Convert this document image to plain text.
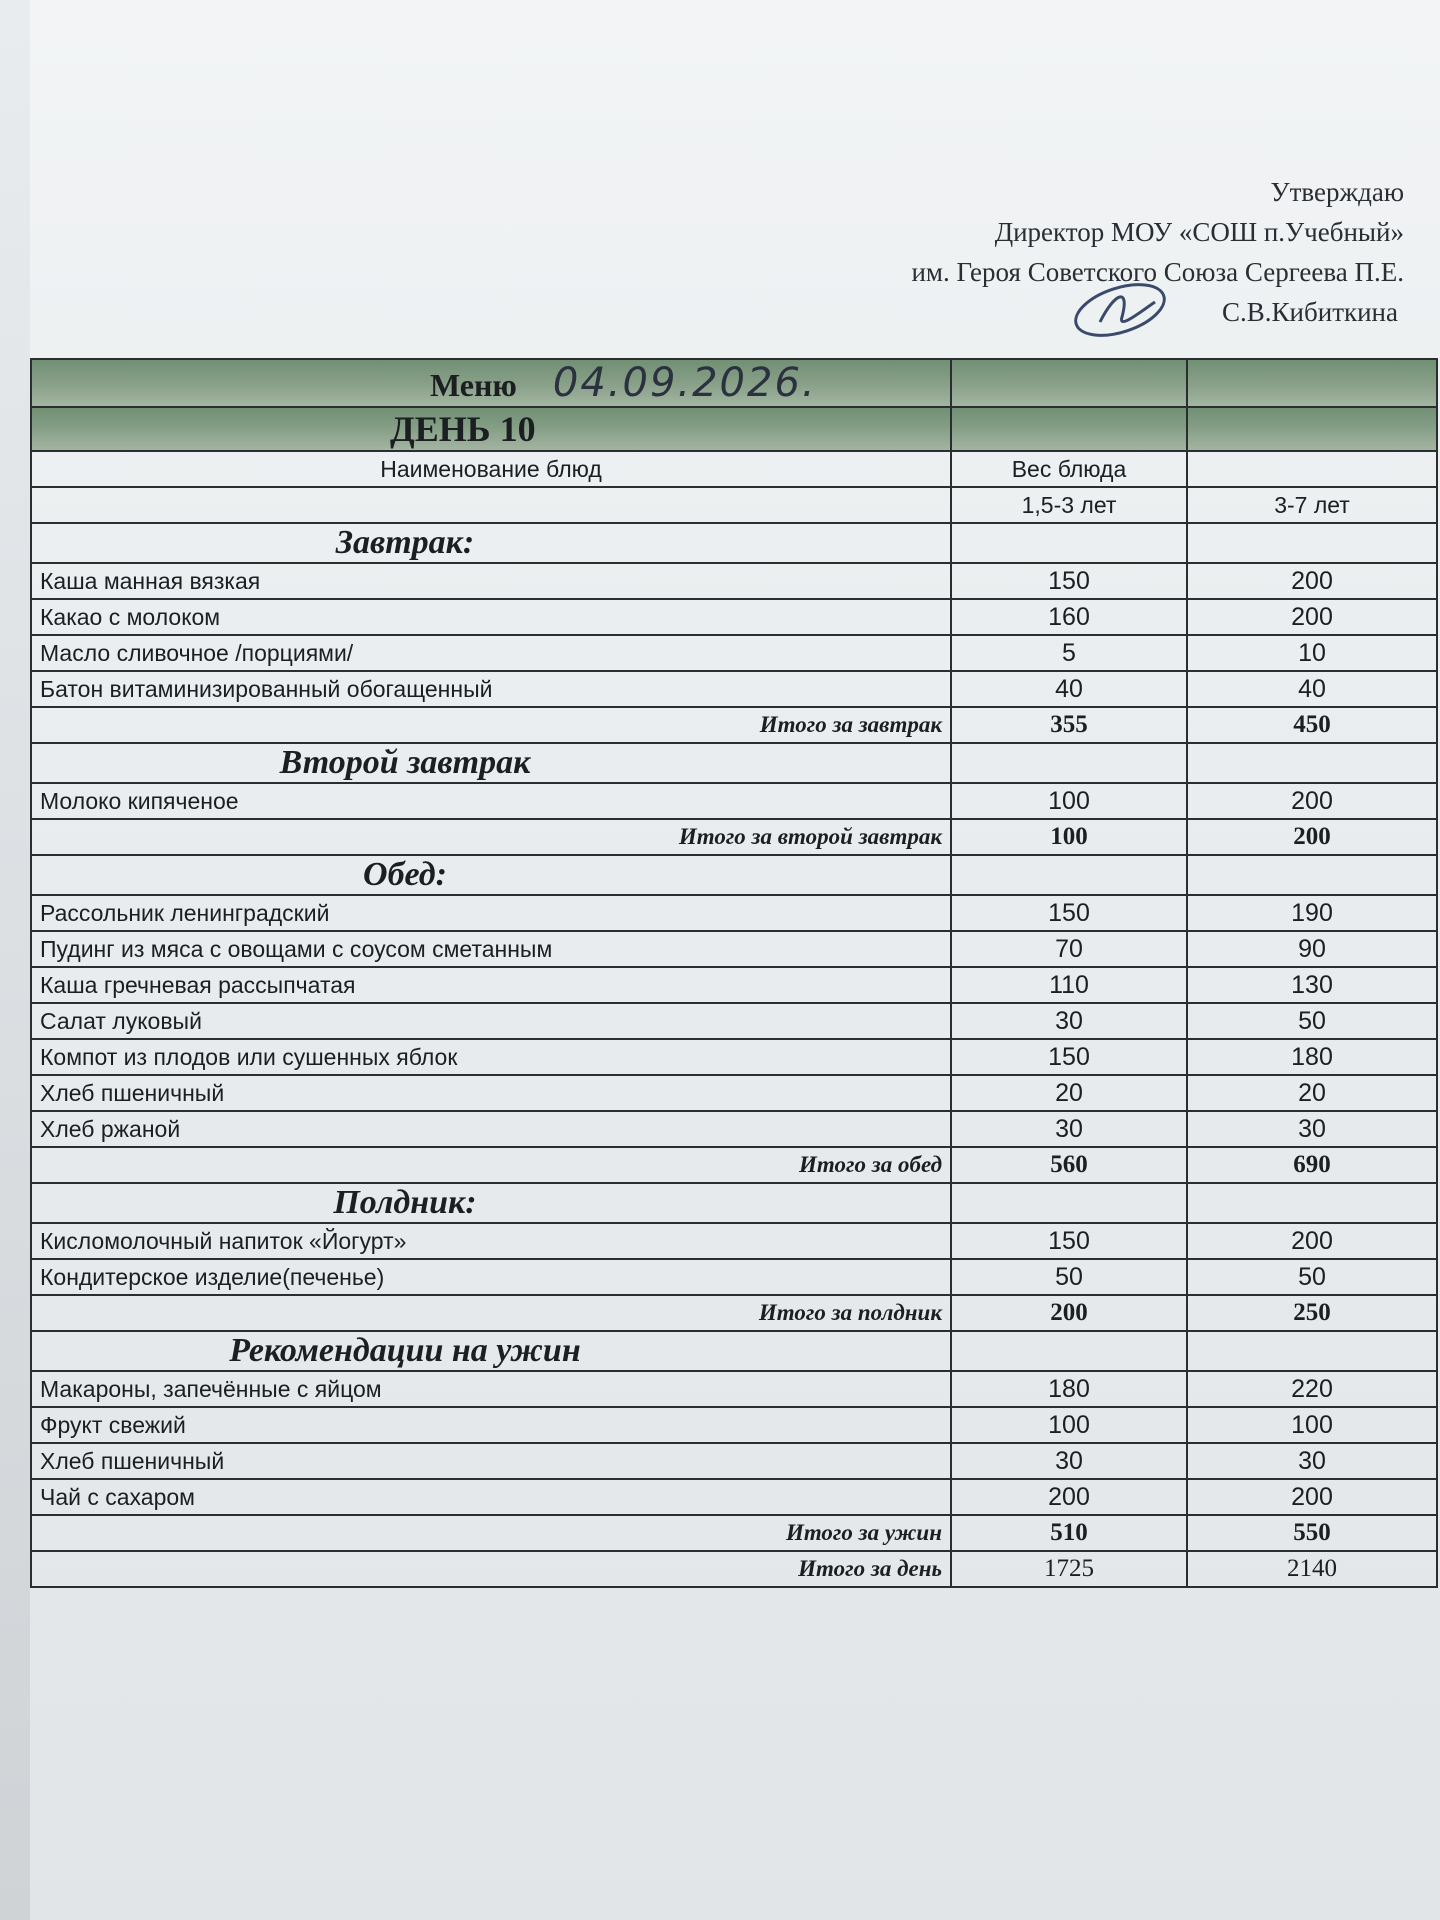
Утверждаю
Директор МОУ «СОШ п.Учебный»
им. Героя Советского Союза Сергеева П.Е.
С.В.Кибиткина
Меню 04.09.2026.		
ДЕНЬ 10		
Наименование блюд	Вес блюда	
	1,5-3 лет	3-7 лет
Завтрак:		
Каша манная вязкая	150	200
Какао с молоком	160	200
Масло сливочное /порциями/	5	10
Батон витаминизированный обогащенный	40	40
Итого за завтрак	355	450
Второй завтрак		
Молоко кипяченое	100	200
Итого за второй завтрак	100	200
Обед:		
Рассольник ленинградский	150	190
Пудинг из мяса с овощами с соусом сметанным	70	90
Каша гречневая рассыпчатая	110	130
Салат луковый	30	50
Компот из плодов или сушенных яблок	150	180
Хлеб пшеничный	20	20
Хлеб ржаной	30	30
Итого за обед	560	690
Полдник:		
Кисломолочный напиток «Йогурт»	150	200
Кондитерское изделие(печенье)	50	50
Итого за полдник	200	250
Рекомендации на ужин		
Макароны, запечённые с яйцом	180	220
Фрукт свежий	100	100
Хлеб пшеничный	30	30
Чай с сахаром	200	200
Итого за ужин	510	550
Итого за день	1725	2140
